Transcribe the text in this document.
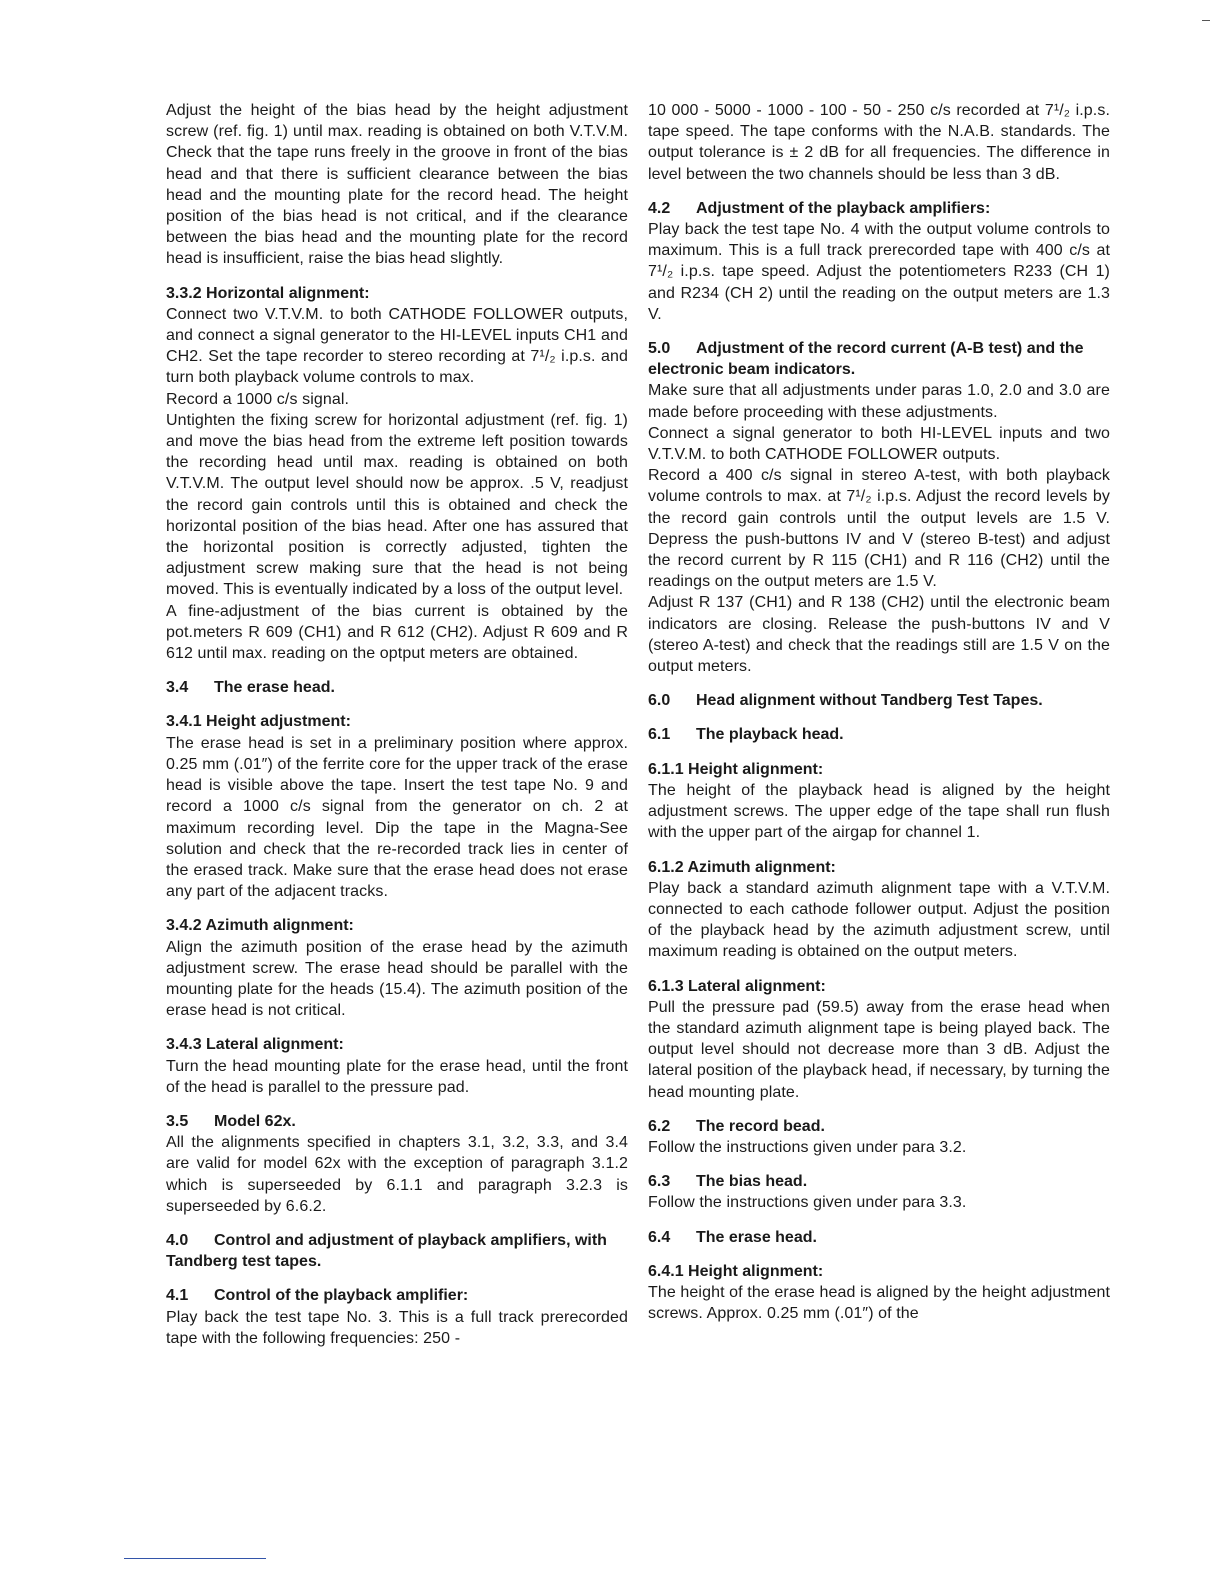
Adjust the height of the bias head by the height adjustment screw (ref. fig. 1) until max. reading is obtained on both V.T.V.M. Check that the tape runs freely in the groove in front of the bias head and that there is sufficient clearance between the bias head and the mounting plate for the record head. The height position of the bias head is not critical, and if the clearance between the bias head and the mounting plate for the record head is insufficient, raise the bias head slightly.

3.3.2 Horizontal alignment:

Connect two V.T.V.M. to both CATHODE FOLLOWER outputs, and connect a signal generator to the HI-LEVEL inputs CH1 and CH2. Set the tape recorder to stereo recording at 7¹/₂ i.p.s. and turn both playback volume controls to max.

Record a 1000 c/s signal.

Untighten the fixing screw for horizontal adjustment (ref. fig. 1) and move the bias head from the extreme left position towards the recording head until max. reading is obtained on both V.T.V.M. The output level should now be approx. .5 V, readjust the record gain controls until this is obtained and check the horizontal position of the bias head. After one has assured that the horizontal position is correctly adjusted, tighten the adjustment screw making sure that the head is not being moved. This is eventually indicated by a loss of the output level.

A fine-adjustment of the bias current is obtained by the pot.meters R 609 (CH1) and R 612 (CH2). Adjust R 609 and R 612 until max. reading on the optput meters are obtained.

3.4 The erase head.

3.4.1 Height adjustment:

The erase head is set in a preliminary position where approx. 0.25 mm (.01″) of the ferrite core for the upper track of the erase head is visible above the tape. Insert the test tape No. 9 and record a 1000 c/s signal from the generator on ch. 2 at maximum recording level. Dip the tape in the Magna-See solution and check that the re-recorded track lies in center of the erased track. Make sure that the erase head does not erase any part of the adjacent tracks.

3.4.2 Azimuth alignment:

Align the azimuth position of the erase head by the azimuth adjustment screw. The erase head should be parallel with the mounting plate for the heads (15.4). The azimuth position of the erase head is not critical.

3.4.3 Lateral alignment:

Turn the head mounting plate for the erase head, until the front of the head is parallel to the pressure pad.

3.5 Model 62x.

All the alignments specified in chapters 3.1, 3.2, 3.3, and 3.4 are valid for model 62x with the exception of paragraph 3.1.2 which is superseeded by 6.1.1 and paragraph 3.2.3 is superseeded by 6.6.2.

4.0 Control and adjustment of playback amplifiers, with Tandberg test tapes.

4.1 Control of the playback amplifier:

Play back the test tape No. 3. This is a full track prerecorded tape with the following frequencies: 250 -

10 000 - 5000 - 1000 - 100 - 50 - 250 c/s recorded at 7¹/₂ i.p.s. tape speed. The tape conforms with the N.A.B. standards. The output tolerance is ± 2 dB for all frequencies. The difference in level between the two channels should be less than 3 dB.

4.2 Adjustment of the playback amplifiers:

Play back the test tape No. 4 with the output volume controls to maximum. This is a full track prerecorded tape with 400 c/s at 7¹/₂ i.p.s. tape speed. Adjust the potentiometers R233 (CH 1) and R234 (CH 2) until the reading on the output meters are 1.3 V.

5.0 Adjustment of the record current (A-B test) and the electronic beam indicators.

Make sure that all adjustments under paras 1.0, 2.0 and 3.0 are made before proceeding with these adjustments.

Connect a signal generator to both HI-LEVEL inputs and two V.T.V.M. to both CATHODE FOLLOWER outputs.

Record a 400 c/s signal in stereo A-test, with both playback volume controls to max. at 7¹/₂ i.p.s. Adjust the record levels by the record gain controls until the output levels are 1.5 V. Depress the push-buttons IV and V (stereo B-test) and adjust the record current by R 115 (CH1) and R 116 (CH2) until the readings on the output meters are 1.5 V.

Adjust R 137 (CH1) and R 138 (CH2) until the electronic beam indicators are closing. Release the push-buttons IV and V (stereo A-test) and check that the readings still are 1.5 V on the output meters.

6.0 Head alignment without Tandberg Test Tapes.

6.1 The playback head.

6.1.1 Height alignment:

The height of the playback head is aligned by the height adjustment screws. The upper edge of the tape shall run flush with the upper part of the airgap for channel 1.

6.1.2 Azimuth alignment:

Play back a standard azimuth alignment tape with a V.T.V.M. connected to each cathode follower output. Adjust the position of the playback head by the azimuth adjustment screw, until maximum reading is obtained on the output meters.

6.1.3 Lateral alignment:

Pull the pressure pad (59.5) away from the erase head when the standard azimuth alignment tape is being played back. The output level should not decrease more than 3 dB. Adjust the lateral position of the playback head, if necessary, by turning the head mounting plate.

6.2 The record bead.

Follow the instructions given under para 3.2.

6.3 The bias head.

Follow the instructions given under para 3.3.

6.4 The erase head.

6.4.1 Height alignment:

The height of the erase head is aligned by the height adjustment screws. Approx. 0.25 mm (.01″) of the
